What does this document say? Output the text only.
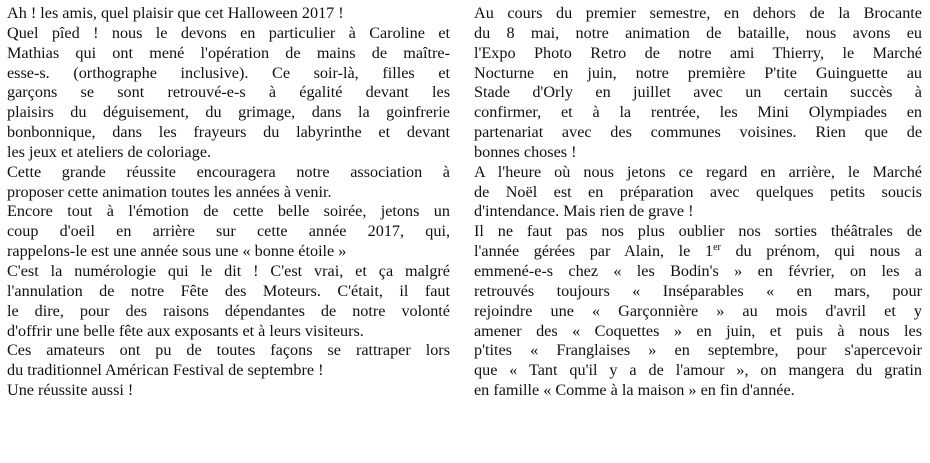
Ah ! les amis, quel plaisir que cet Halloween 2017 !
Quel pîed ! nous le devons en particulier à Caroline et
Mathias qui ont mené l'opération de mains de maître-
esse-s. (orthographe inclusive). Ce soir-là, filles et
garçons se sont retrouvé-e-s à égalité devant les
plaisirs du déguisement, du grimage, dans la goinfrerie
bonbonnique, dans les frayeurs du labyrinthe et devant
les jeux et ateliers de coloriage.

Cette grande réussite encouragera notre association à
proposer cette animation toutes les années à venir.

Encore tout à l'émotion de cette belle soirée, jetons un
coup d'oeil en arrière sur cette année 2017, qui,
rappelons-le est une année sous une « bonne étoile »

C'est la numérologie qui le dit ! C'est vrai, et ça malgré
l'annulation de notre Fête des Moteurs. C'était, il faut
le dire, pour des raisons dépendantes de notre volonté
d'offrir une belle fête aux exposants et à leurs visiteurs.

Ces amateurs ont pu de toutes façons se rattraper lors
du traditionnel Américan Festival de septembre !

Une réussite aussi !

Au cours du premier semestre, en dehors de la Brocante
du 8 mai, notre animation de bataille, nous avons eu
l'Expo Photo Retro de notre ami Thierry, le Marché
Nocturne en juin, notre première P'tite Guinguette au
Stade d'Orly en juillet avec un certain succès à
confirmer, et à la rentrée, les Mini Olympiades en
partenariat avec des communes voisines. Rien que de
bonnes choses !

A l'heure où nous jetons ce regard en arrière, le Marché
de Noël est en préparation avec quelques petits soucis
d'intendance. Mais rien de grave !

Il ne faut pas nos plus oublier nos sorties théâtrales de
l'année gérées par Alain, le 1er du prénom, qui nous a
emmené-e-s chez « les Bodin's » en février, on les a
retrouvés toujours « Inséparables « en mars, pour
rejoindre une « Garçonnière » au mois d'avril et y
amener des « Coquettes » en juin, et puis à nous les
p'tites « Franglaises » en septembre, pour s'apercevoir
que « Tant qu'il y a de l'amour », on mangera du gratin
en famille « Comme à la maison » en fin d'année.
